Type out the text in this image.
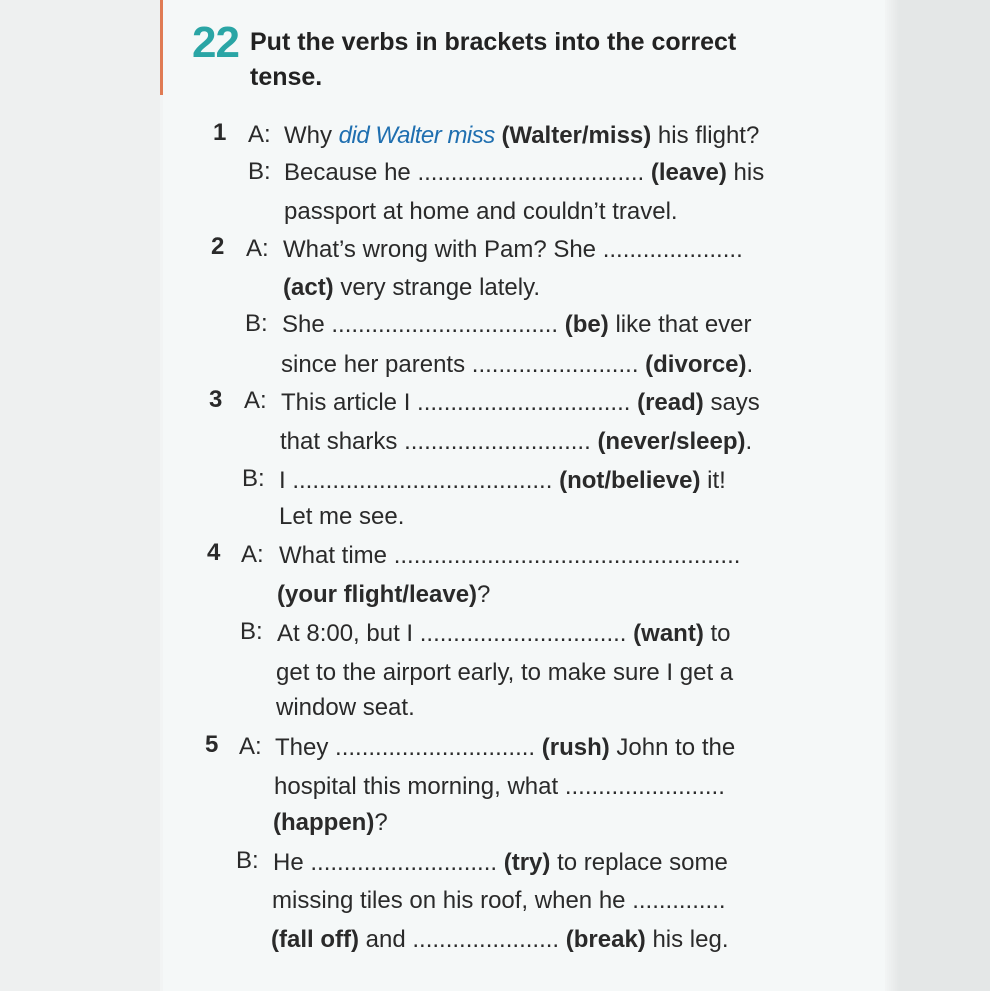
22 Put the verbs in brackets into the correct
tense.
1 A: Why did Walter miss (Walter/miss) his flight?
B: Because he .................................. (leave) his
passport at home and couldn’t travel.
2 A: What’s wrong with Pam? She .....................
(act) very strange lately.
B: She .................................. (be) like that ever
since her parents ......................... (divorce).
3 A: This article I ................................ (read) says
that sharks ............................ (never/sleep).
B: I ....................................... (not/believe) it!
Let me see.
4 A: What time ....................................................
(your flight/leave)?
B: At 8:00, but I ............................... (want) to
get to the airport early, to make sure I get a
window seat.
5 A: They .............................. (rush) John to the
hospital this morning, what ........................
(happen)?
B: He ............................ (try) to replace some
missing tiles on his roof, when he ..............
(fall off) and ...................... (break) his leg.
